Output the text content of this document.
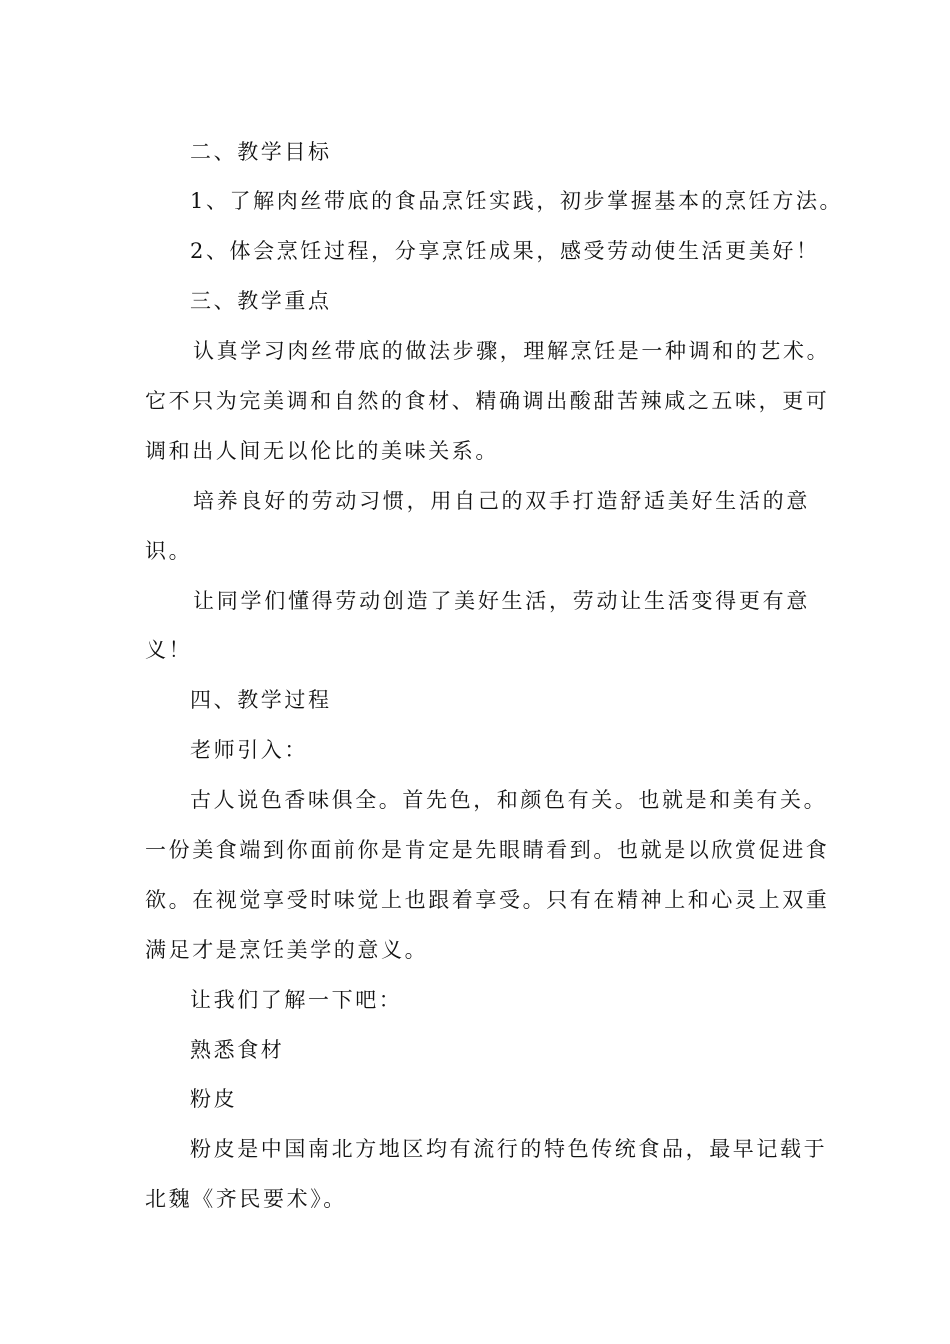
二、教学目标
1、了解肉丝带底的食品烹饪实践，初步掌握基本的烹饪方法。
2、体会烹饪过程，分享烹饪成果，感受劳动使生活更美好！
三、教学重点
认真学习肉丝带底的做法步骤，理解烹饪是一种调和的艺术。
它不只为完美调和自然的食材、精确调出酸甜苦辣咸之五味，更可
调和出人间无以伦比的美味关系。
培养良好的劳动习惯，用自己的双手打造舒适美好生活的意
识。
让同学们懂得劳动创造了美好生活，劳动让生活变得更有意
义！
四、教学过程
老师引入：
古人说色香味俱全。首先色，和颜色有关。也就是和美有关。
一份美食端到你面前你是肯定是先眼睛看到。也就是以欣赏促进食
欲。在视觉享受时味觉上也跟着享受。只有在精神上和心灵上双重
满足才是烹饪美学的意义。
让我们了解一下吧：
熟悉食材
粉皮
粉皮是中国南北方地区均有流行的特色传统食品，最早记载于
北魏《齐民要术》。
